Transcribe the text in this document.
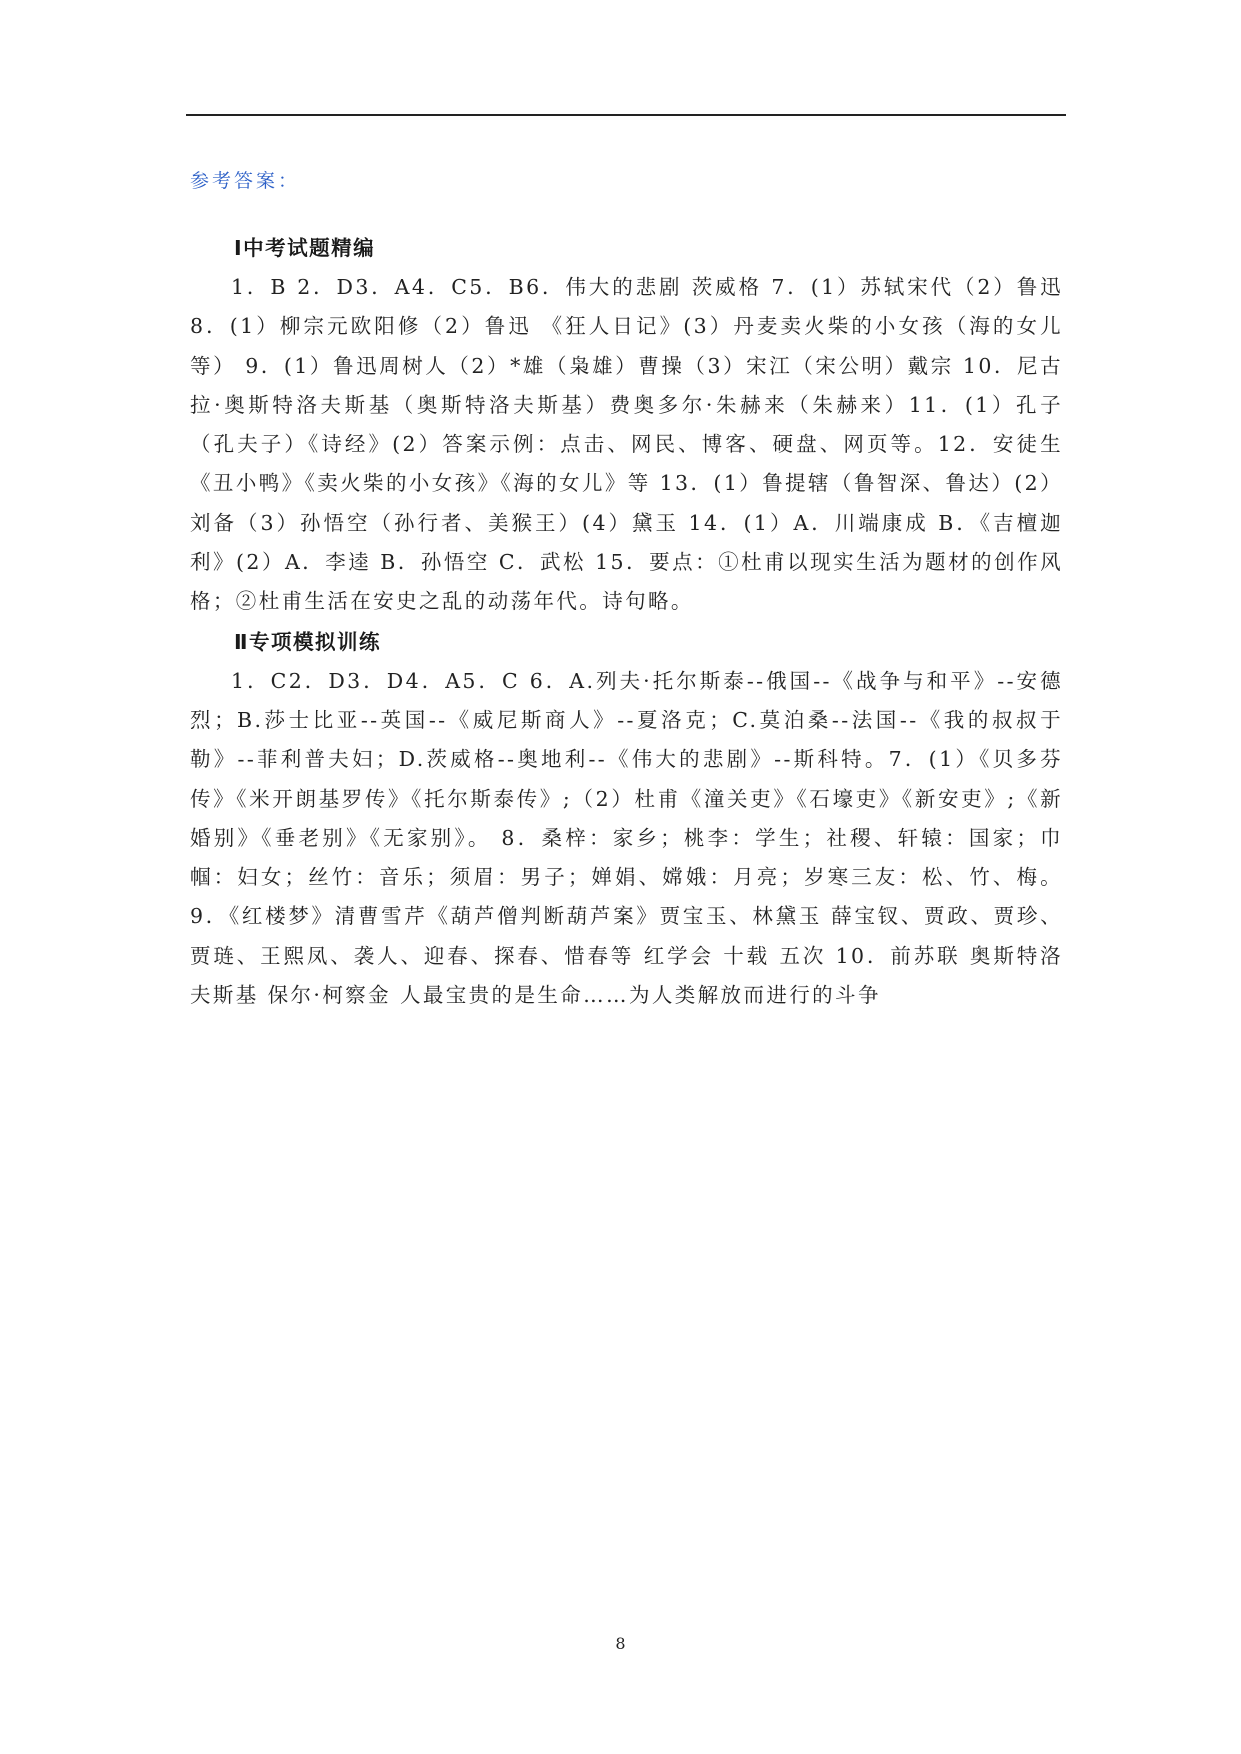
参考答案：
Ⅰ中考试题精编

1．B 2．D3．A4．C5．B6．伟大的悲剧 茨威格 7．(1）苏轼宋代（2）鲁迅 8．(1）柳宗元欧阳修（2）鲁迅 《狂人日记》(3）丹麦卖火柴的小女孩（海的女儿等） 9．(1）鲁迅周树人（2）*雄（枭雄）曹操（3）宋江（宋公明）戴宗 10．尼古拉·奥斯特洛夫斯基（奥斯特洛夫斯基）费奥多尔·朱赫来（朱赫来）11．(1）孔子（孔夫子）《诗经》(2）答案示例：点击、网民、博客、硬盘、网页等。12．安徒生 《丑小鸭》《卖火柴的小女孩》《海的女儿》等 13．(1）鲁提辖（鲁智深、鲁达）(2）刘备（3）孙悟空（孙行者、美猴王）(4）黛玉 14．(1）A．川端康成 B．《吉檀迦利》(2）A．李逵 B．孙悟空 C．武松 15．要点：①杜甫以现实生活为题材的创作风格；②杜甫生活在安史之乱的动荡年代。诗句略。

Ⅱ专项模拟训练

1．C2．D3．D4．A5．C 6．A.列夫·托尔斯泰--俄国--《战争与和平》--安德烈；B.莎士比亚--英国--《威尼斯商人》--夏洛克；C.莫泊桑--法国--《我的叔叔于勒》--菲利普夫妇；D.茨威格--奥地利--《伟大的悲剧》--斯科特。7．(1）《贝多芬传》《米开朗基罗传》《托尔斯泰传》;（2）杜甫《潼关吏》《石壕吏》《新安吏》;《新婚别》《垂老别》《无家别》。 8．桑梓：家乡；桃李：学生；社稷、轩辕：国家；巾帼：妇女；丝竹：音乐；须眉：男子；婵娟、嫦娥：月亮；岁寒三友：松、竹、梅。 9．《红楼梦》清曹雪芹《葫芦僧判断葫芦案》贾宝玉、林黛玉 薛宝钗、贾政、贾珍、贾琏、王熙凤、袭人、迎春、探春、惜春等 红学会 十载 五次 10．前苏联 奥斯特洛夫斯基 保尔·柯察金 人最宝贵的是生命……为人类解放而进行的斗争

8
